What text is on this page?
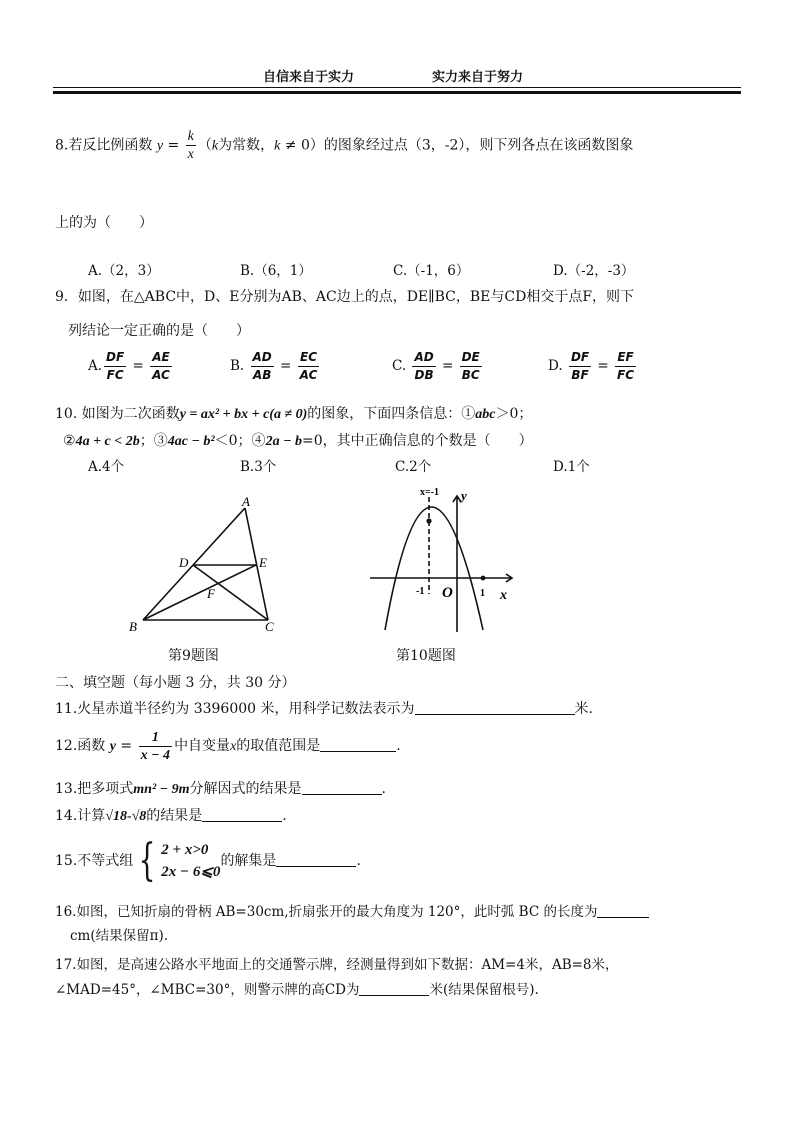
自信来自于实力	实力来自于努力
8.若反比例函数 $y = \frac{k}{x} (k$为常数，k ≠ 0）的图象经过点（3，-2），则下列各点在该函数图象
上的为（　　）
A.（2，3）	B.（6，1）	C.（-1，6）	D.（-2，-3）
9．如图，在△ABC中，D、E分别为AB、AC边上的点，DE∥BC，BE与CD相交于点F，则下
列结论一定正确的是（　　）
A. $\frac{DF}{FC} = \frac{AE}{AC}$	B. $\frac{AD}{AB} = \frac{EC}{AC}$	C. $\frac{AD}{DB} = \frac{DE}{BC}$	D. $\frac{DF}{BF} = \frac{EF}{FC}$
10. 如图为二次函数y = ax² + bx + c(a ≠ 0)的图象，下面四条信息：①abc＞0；
②4a + c < 2b；③4ac − b²＜0；④2a − b=0，其中正确信息的个数是（　　）
A.4个	B.3个	C.2个	D.1个
A
B	C
D	E
F
第9题图
x=-1 y
x
O
-1	1
第10题图
二、填空题（每小题 3 分，共 30 分）
11.火星赤道半径约为 3396000 米，用科学记数法表示为	米.
12.函数 $y = \frac{1}{x - 4}$ 中自变量x的取值范围是	.
13.把多项式mn² − 9m分解因式的结果是	.
14.计算√18-√8的结果是	.
15.不等式组 { 2 + x>0
2x − 6⩽0
的解集是	.
16.如图，已知折扇的骨柄 AB=30cm,折扇张开的最大角度为 120°，此时弧 BC 的长度为
cm(结果保留π).
17.如图，是高速公路水平地面上的交通警示牌，经测量得到如下数据：AM=4米，AB=8米，
∠MAD=45°，∠MBC=30°，则警示牌的高CD为	米(结果保留根号).
